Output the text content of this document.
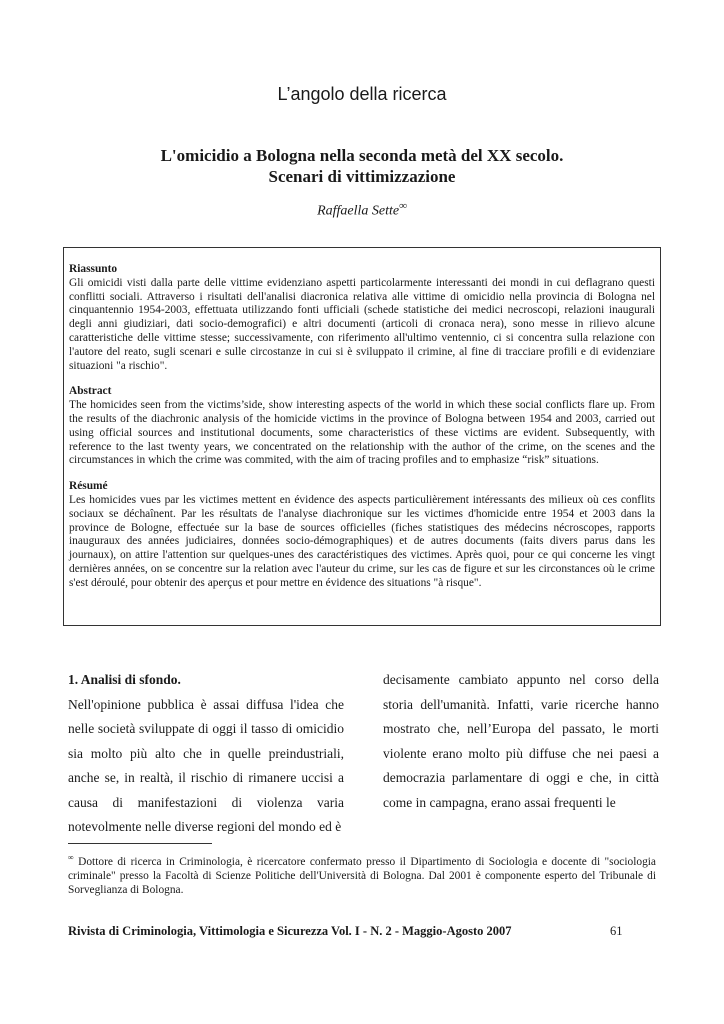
L’angolo della ricerca
L'omicidio a Bologna nella seconda metà del XX secolo.
Scenari di vittimizzazione
Raffaella Sette∞
Riassunto
Gli omicidi visti dalla parte delle vittime evidenziano aspetti particolarmente interessanti dei mondi in cui deflagrano questi conflitti sociali. Attraverso i risultati dell'analisi diacronica relativa alle vittime di omicidio nella provincia di Bologna nel cinquantennio 1954-2003, effettuata utilizzando fonti ufficiali (schede statistiche dei medici necroscopi, relazioni inaugurali degli anni giudiziari, dati socio-demografici) e altri documenti (articoli di cronaca nera), sono messe in rilievo alcune caratteristiche delle vittime stesse; successivamente, con riferimento all'ultimo ventennio, ci si concentra sulla relazione con l'autore del reato, sugli scenari e sulle circostanze in cui si è sviluppato il crimine, al fine di tracciare profili e di evidenziare situazioni "a rischio".
Abstract
The homicides seen from the victims’side, show interesting aspects of the world in which these social conflicts flare up. From the results of the diachronic analysis of the homicide victims in the province of Bologna between 1954 and 2003, carried out using official sources and institutional documents, some characteristics of these victims are evident. Subsequently, with reference to the last twenty years, we concentrated on the relationship with the author of the crime, on the scenes and the circumstances in which the crime was commited, with the aim of tracing profiles and to emphasize “risk” situations.
Résumé
Les homicides vues par les victimes mettent en évidence des aspects particulièrement intéressants des milieux où ces conflits sociaux se déchaînent. Par les résultats de l'analyse diachronique sur les victimes d'homicide entre 1954 et 2003 dans la province de Bologne, effectuée sur la base de sources officielles (fiches statistiques des médecins nécroscopes, rapports inauguraux des années judiciaires, données socio-démographiques) et de autres documents (faits divers parus dans les journaux), on attire l'attention sur quelques-unes des caractéristiques des victimes. Après quoi, pour ce qui concerne les vingt dernières années, on se concentre sur la relation avec l'auteur du crime, sur les cas de figure et sur les circonstances où le crime s'est déroulé, pour obtenir des aperçus et pour mettre en évidence des situations "à risque".
1. Analisi di sfondo.
Nell'opinione pubblica è assai diffusa l'idea che nelle società sviluppate di oggi il tasso di omicidio sia molto più alto che in quelle preindustriali, anche se, in realtà, il rischio di rimanere uccisi a causa di manifestazioni di violenza varia notevolmente nelle diverse regioni del mondo ed è
decisamente cambiato appunto nel corso della storia dell'umanità. Infatti, varie ricerche hanno mostrato che, nell’Europa del passato, le morti violente erano molto più diffuse che nei paesi a democrazia parlamentare di oggi e che, in città come in campagna, erano assai frequenti le
∞ Dottore di ricerca in Criminologia, è ricercatore confermato presso il Dipartimento di Sociologia e docente di "sociologia criminale" presso la Facoltà di Scienze Politiche dell'Università di Bologna. Dal 2001 è componente esperto del Tribunale di Sorveglianza di Bologna.
Rivista di Criminologia, Vittimologia e Sicurezza Vol. I - N. 2 - Maggio-Agosto 2007	61
